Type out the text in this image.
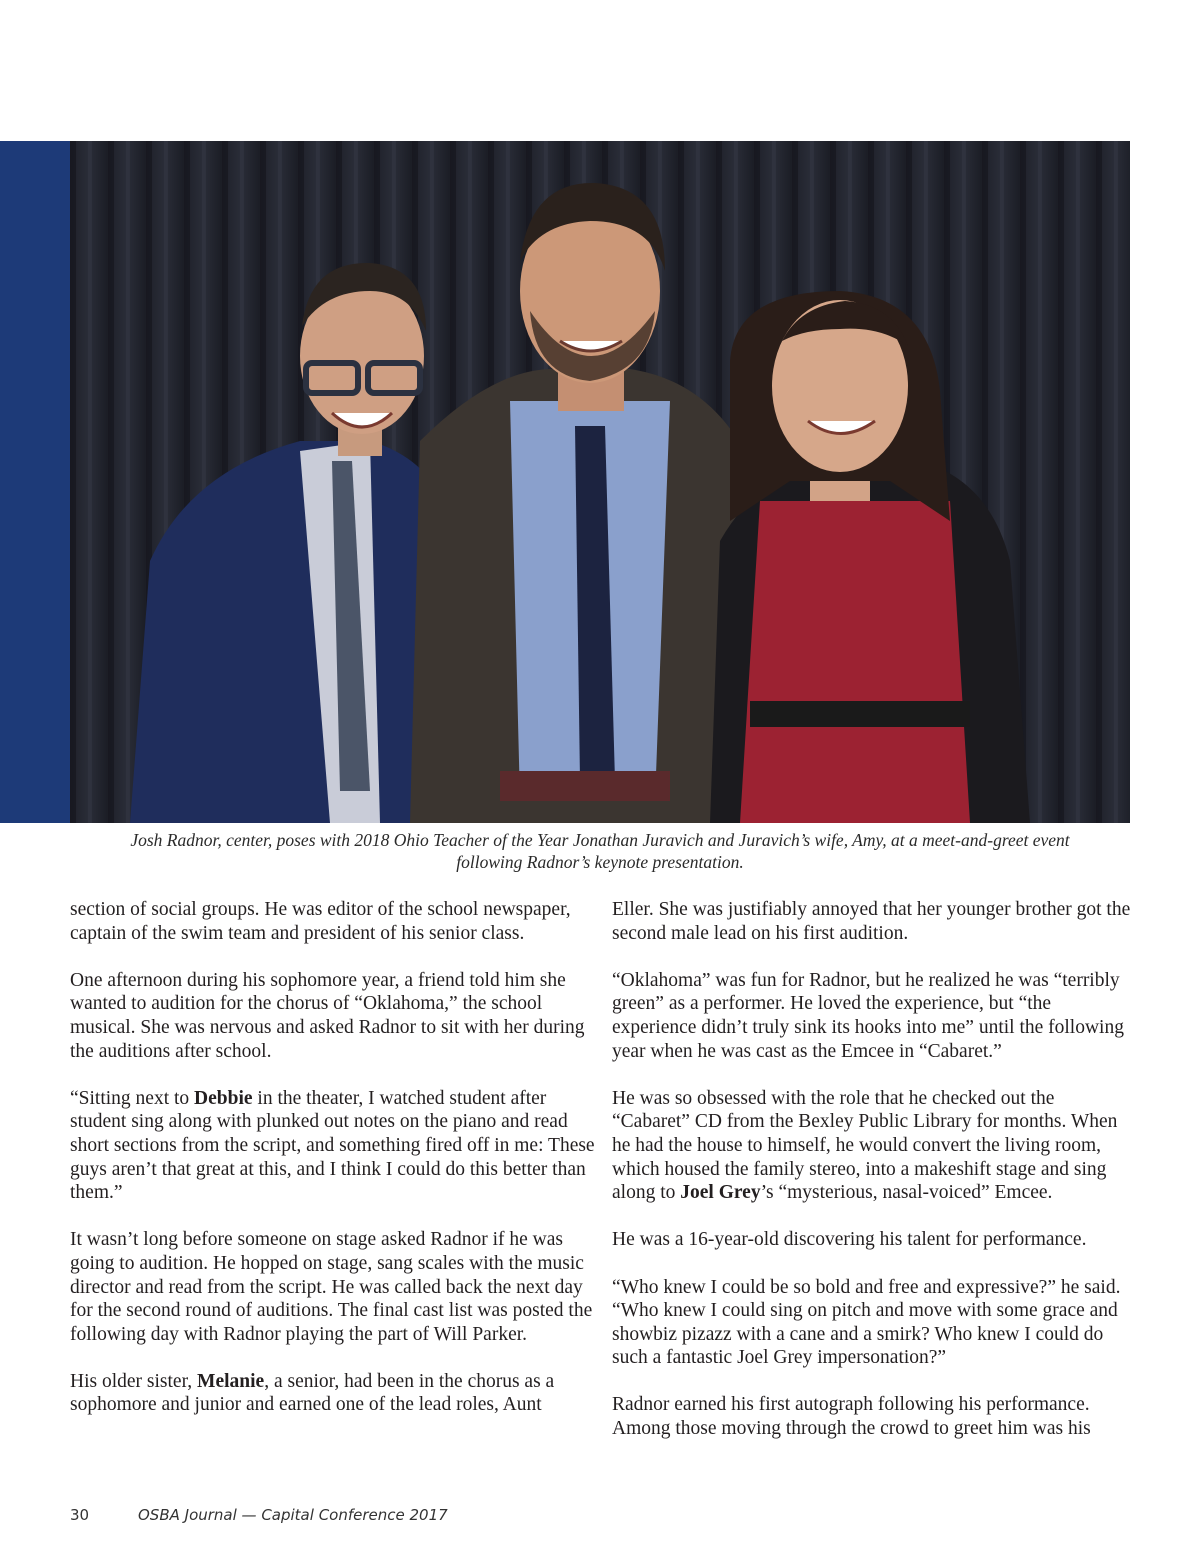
Josh Radnor, center, poses with 2018 Ohio Teacher of the Year Jonathan Juravich and Juravich’s wife, Amy, at a meet-and-greet event
following Radnor’s keynote presentation.

section of social groups. He was editor of the school newspaper, captain of the swim team and president of his senior class.

One afternoon during his sophomore year, a friend told him she wanted to audition for the chorus of “Oklahoma,” the school musical. She was nervous and asked Radnor to sit with her during the auditions after school.

“Sitting next to Debbie in the theater, I watched student after student sing along with plunked out notes on the piano and read short sections from the script, and something fired off in me: These guys aren’t that great at this, and I think I could do this better than them.”

It wasn’t long before someone on stage asked Radnor if he was going to audition. He hopped on stage, sang scales with the music director and read from the script. He was called back the next day for the second round of auditions. The final cast list was posted the following day with Radnor playing the part of Will Parker.

His older sister, Melanie, a senior, had been in the chorus as a sophomore and junior and earned one of the lead roles, Aunt

Eller. She was justifiably annoyed that her younger brother got the second male lead on his first audition.

“Oklahoma” was fun for Radnor, but he realized he was “terribly green” as a performer. He loved the experience, but “the experience didn’t truly sink its hooks into me” until the following year when he was cast as the Emcee in “Cabaret.”

He was so obsessed with the role that he checked out the “Cabaret” CD from the Bexley Public Library for months. When he had the house to himself, he would convert the living room, which housed the family stereo, into a makeshift stage and sing along to Joel Grey’s “mysterious, nasal-voiced” Emcee.

He was a 16-year-old discovering his talent for performance.

“Who knew I could be so bold and free and expressive?” he said. “Who knew I could sing on pitch and move with some grace and showbiz pizazz with a cane and a smirk? Who knew I could do such a fantastic Joel Grey impersonation?”

Radnor earned his first autograph following his performance. Among those moving through the crowd to greet him was his

30	OSBA Journal — Capital Conference 2017
